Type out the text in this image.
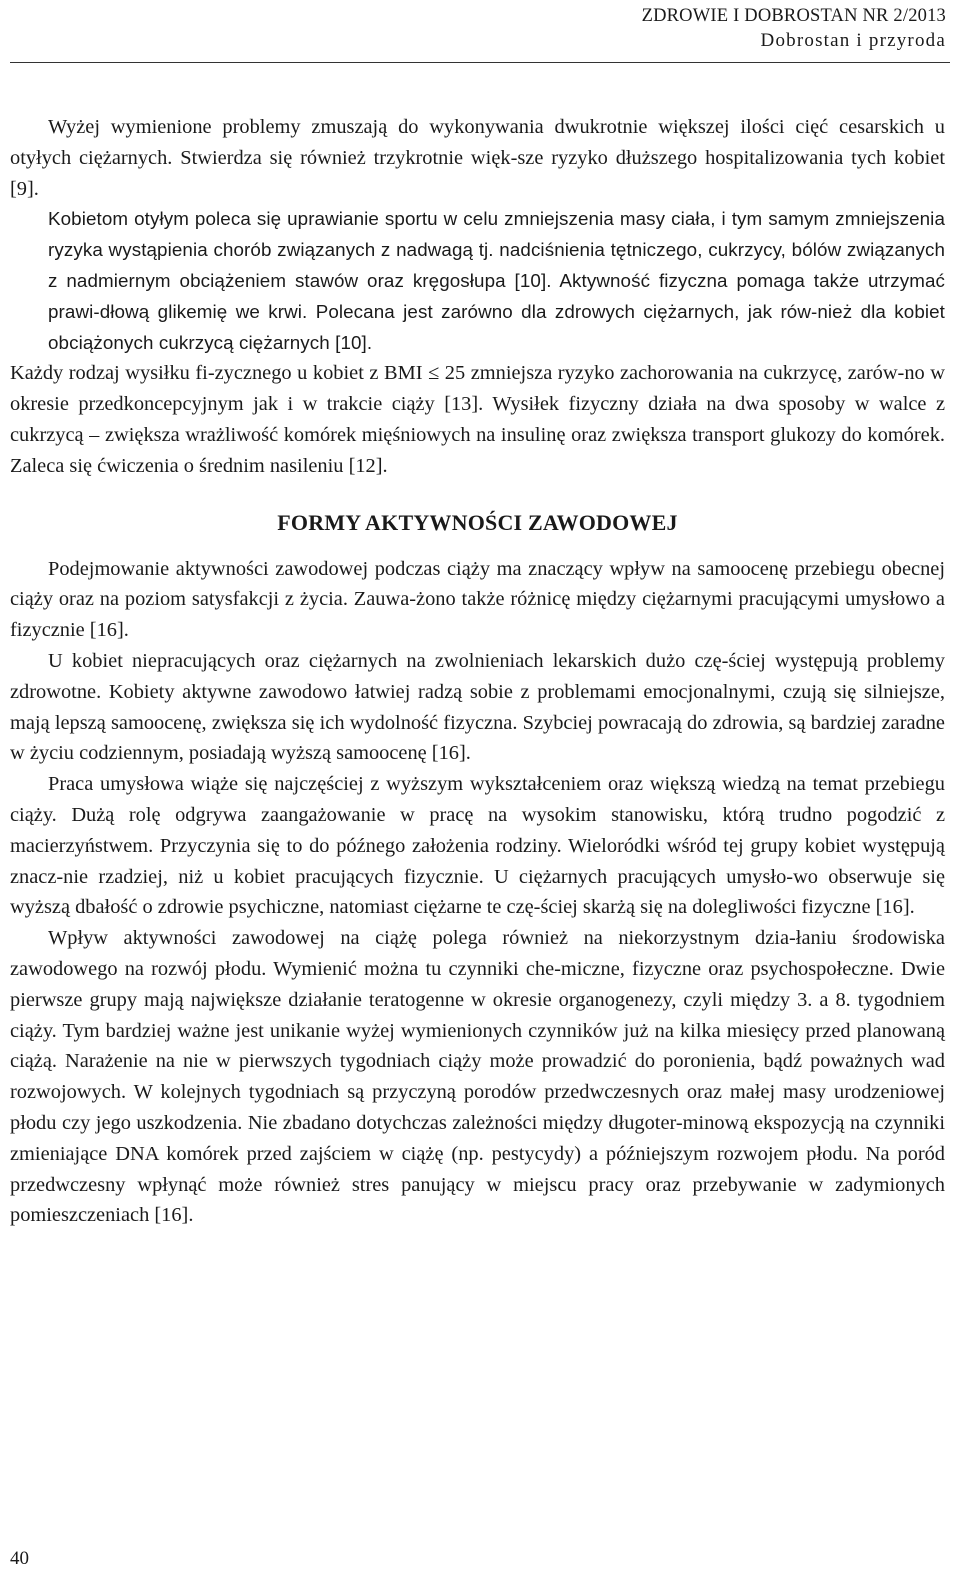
ZDROWIE I DOBROSTAN NR 2/2013
Dobrostan i przyroda

Wyżej wymienione problemy zmuszają do wykonywania dwukrotnie większej ilości cięć cesarskich u otyłych ciężarnych. Stwierdza się również trzykrotnie więk-sze ryzyko dłuższego hospitalizowania tych kobiet [9].

Kobietom otyłym poleca się uprawianie sportu w celu zmniejszenia masy ciała, i tym samym zmniejszenia ryzyka wystąpienia chorób związanych z nadwagą tj. nadciśnienia tętniczego, cukrzycy, bólów związanych z nadmiernym obciążeniem stawów oraz kręgosłupa [10]. Aktywność fizyczna pomaga także utrzymać prawi-dłową glikemię we krwi. Polecana jest zarówno dla zdrowych ciężarnych, jak rów-nież dla kobiet obciążonych cukrzycą ciężarnych [10].

Każdy rodzaj wysiłku fi-zycznego u kobiet z BMI ≤ 25 zmniejsza ryzyko zachorowania na cukrzycę, zarów-no w okresie przedkoncepcyjnym jak i w trakcie ciąży [13]. Wysiłek fizyczny działa na dwa sposoby w walce z cukrzycą – zwiększa wrażliwość komórek mięśniowych na insulinę oraz zwiększa transport glukozy do komórek. Zaleca się ćwiczenia o średnim nasileniu [12].

FORMY AKTYWNOŚCI ZAWODOWEJ

Podejmowanie aktywności zawodowej podczas ciąży ma znaczący wpływ na samoocenę przebiegu obecnej ciąży oraz na poziom satysfakcji z życia. Zauwa-żono także różnicę między ciężarnymi pracującymi umysłowo a fizycznie [16].

U kobiet niepracujących oraz ciężarnych na zwolnieniach lekarskich dużo czę-ściej występują problemy zdrowotne. Kobiety aktywne zawodowo łatwiej radzą sobie z problemami emocjonalnymi, czują się silniejsze, mają lepszą samoocenę, zwiększa się ich wydolność fizyczna. Szybciej powracają do zdrowia, są bardziej zaradne w życiu codziennym, posiadają wyższą samoocenę [16].

Praca umysłowa wiąże się najczęściej z wyższym wykształceniem oraz większą wiedzą na temat przebiegu ciąży. Dużą rolę odgrywa zaangażowanie w pracę na wysokim stanowisku, którą trudno pogodzić z macierzyństwem. Przyczynia się to do późnego założenia rodziny. Wieloródki wśród tej grupy kobiet występują znacz-nie rzadziej, niż u kobiet pracujących fizycznie. U ciężarnych pracujących umysło-wo obserwuje się wyższą dbałość o zdrowie psychiczne, natomiast ciężarne te czę-ściej skarżą się na dolegliwości fizyczne [16].

Wpływ aktywności zawodowej na ciążę polega również na niekorzystnym dzia-łaniu środowiska zawodowego na rozwój płodu. Wymienić można tu czynniki che-miczne, fizyczne oraz psychospołeczne. Dwie pierwsze grupy mają największe działanie teratogenne w okresie organogenezy, czyli między 3. a 8. tygodniem ciąży. Tym bardziej ważne jest unikanie wyżej wymienionych czynników już na kilka miesięcy przed planowaną ciążą. Narażenie na nie w pierwszych tygodniach ciąży może prowadzić do poronienia, bądź poważnych wad rozwojowych. W kolejnych tygodniach są przyczyną porodów przedwczesnych oraz małej masy urodzeniowej płodu czy jego uszkodzenia. Nie zbadano dotychczas zależności między długoter-minową ekspozycją na czynniki zmieniające DNA komórek przed zajściem w ciążę (np. pestycydy) a późniejszym rozwojem płodu. Na poród przedwczesny wpłynąć może również stres panujący w miejscu pracy oraz przebywanie w zadymionych pomieszczeniach [16].

40
